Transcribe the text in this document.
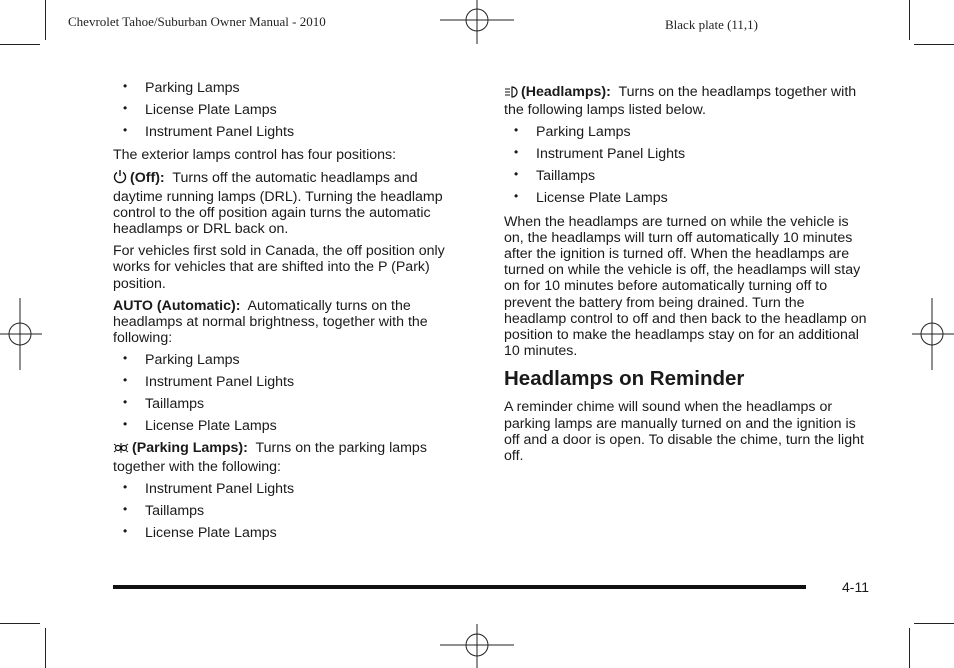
Chevrolet Tahoe/Suburban Owner Manual - 2010	Black plate (11,1)
• Parking Lamps
• License Plate Lamps
• Instrument Panel Lights

The exterior lamps control has four positions:

(Off): Turns off the automatic headlamps and daytime running lamps (DRL). Turning the headlamp control to the off position again turns the automatic headlamps or DRL back on.

For vehicles first sold in Canada, the off position only works for vehicles that are shifted into the P (Park) position.

AUTO (Automatic): Automatically turns on the headlamps at normal brightness, together with the following:

• Parking Lamps
• Instrument Panel Lights
• Taillamps
• License Plate Lamps

(Parking Lamps): Turns on the parking lamps together with the following:

• Instrument Panel Lights
• Taillamps
• License Plate Lamps

(Headlamps): Turns on the headlamps together with the following lamps listed below.

• Parking Lamps
• Instrument Panel Lights
• Taillamps
• License Plate Lamps

When the headlamps are turned on while the vehicle is on, the headlamps will turn off automatically 10 minutes after the ignition is turned off. When the headlamps are turned on while the vehicle is off, the headlamps will stay on for 10 minutes before automatically turning off to prevent the battery from being drained. Turn the headlamp control to off and then back to the headlamp on position to make the headlamps stay on for an additional 10 minutes.

Headlamps on Reminder

A reminder chime will sound when the headlamps or parking lamps are manually turned on and the ignition is off and a door is open. To disable the chime, turn the light off.

4-11
